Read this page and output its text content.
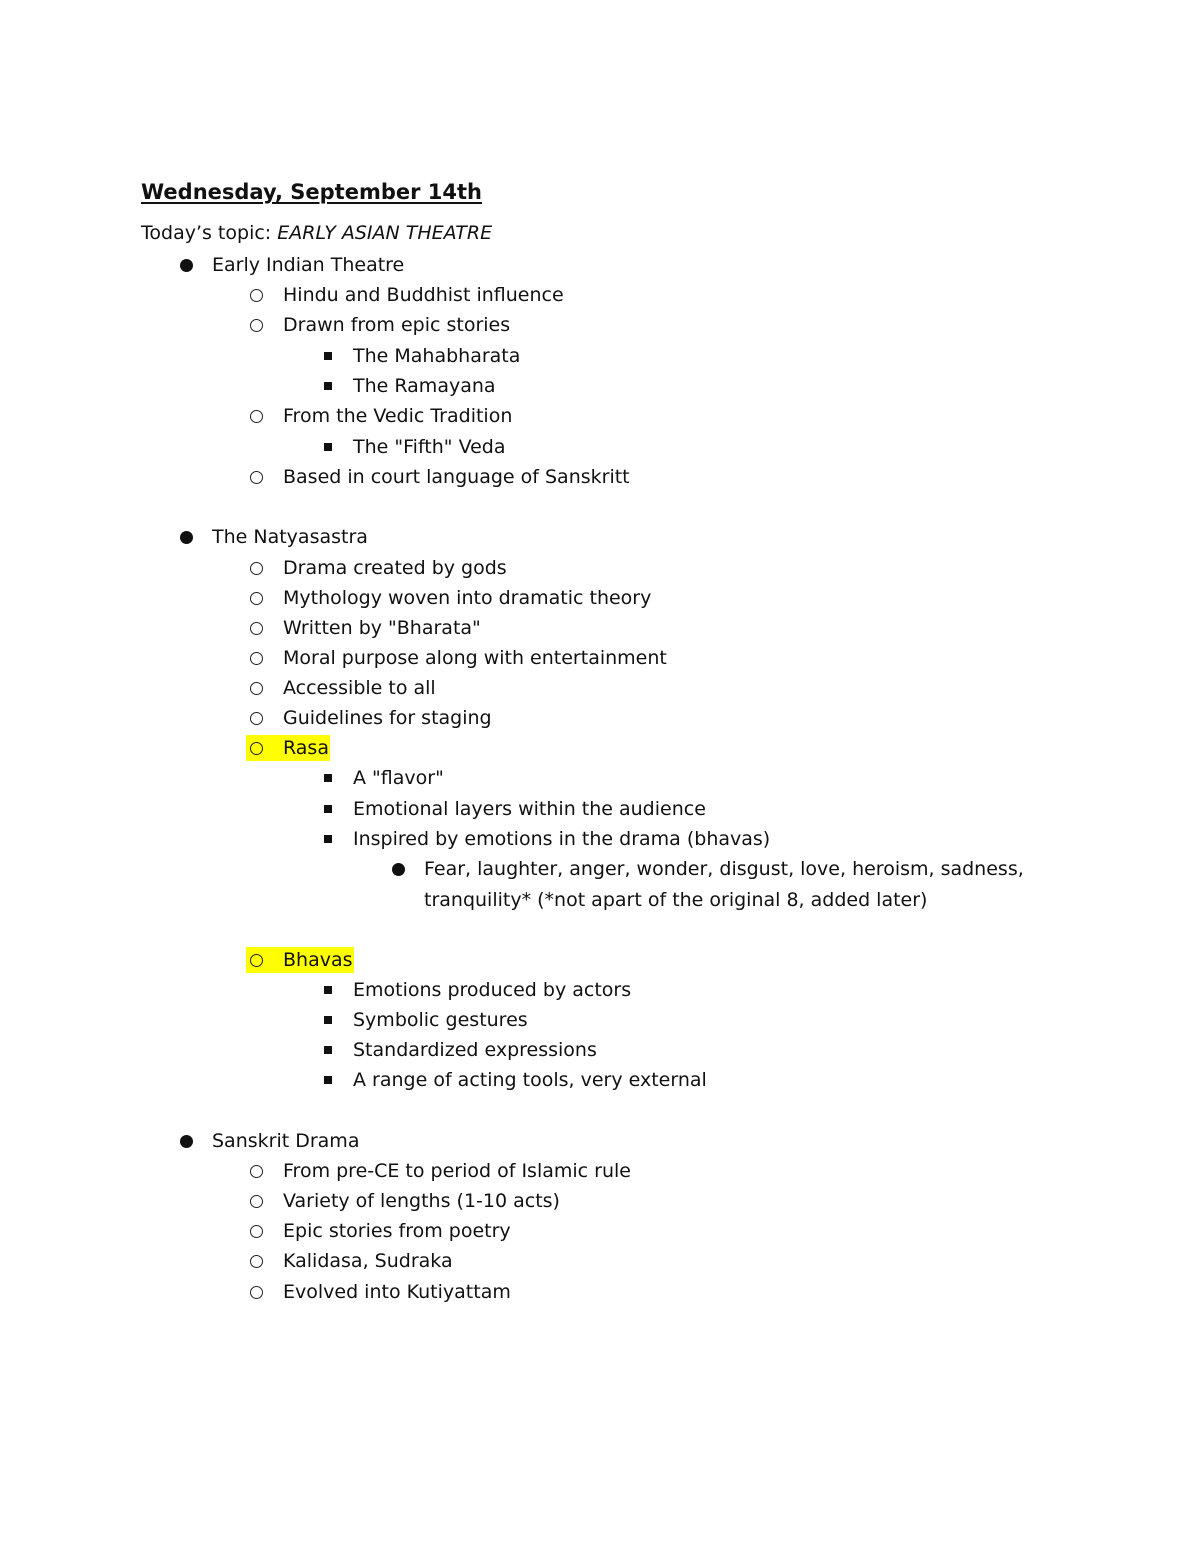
Wednesday, September 14th
Today’s topic: EARLY ASIAN THEATRE
Early Indian Theatre
Hindu and Buddhist influence
Drawn from epic stories
The Mahabharata
The Ramayana
From the Vedic Tradition
The "Fifth" Veda
Based in court language of Sanskritt
The Natyasastra
Drama created by gods
Mythology woven into dramatic theory
Written by "Bharata"
Moral purpose along with entertainment
Accessible to all
Guidelines for staging
Rasa
A "flavor"
Emotional layers within the audience
Inspired by emotions in the drama (bhavas)
Fear, laughter, anger, wonder, disgust, love, heroism, sadness, tranquility* (*not apart of the original 8, added later)
Bhavas
Emotions produced by actors
Symbolic gestures
Standardized expressions
A range of acting tools, very external
Sanskrit Drama
From pre-CE to period of Islamic rule
Variety of lengths (1-10 acts)
Epic stories from poetry
Kalidasa, Sudraka
Evolved into Kutiyattam
